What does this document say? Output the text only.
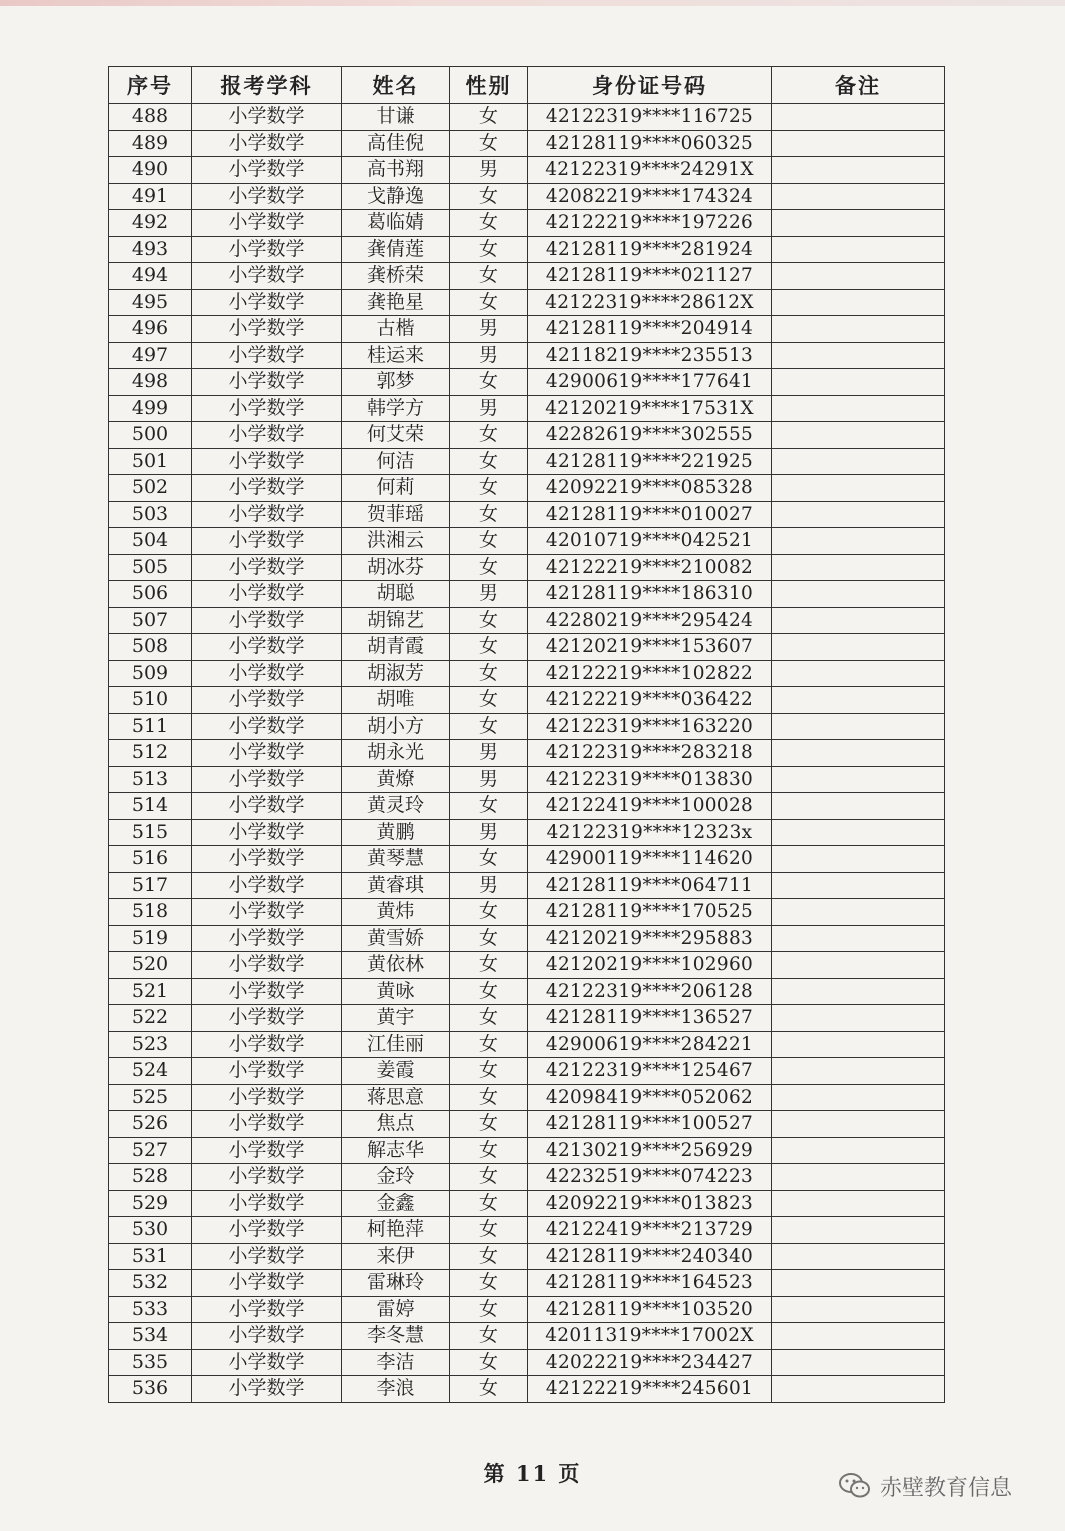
序号	报考学科	姓名	性别	身份证号码	备注
488	小学数学	甘谦	女	42122319****116725	
489	小学数学	高佳倪	女	42128119****060325	
490	小学数学	高书翔	男	42122319****24291X	
491	小学数学	戈静逸	女	42082219****174324	
492	小学数学	葛临婧	女	42122219****197226	
493	小学数学	龚倩莲	女	42128119****281924	
494	小学数学	龚桥荣	女	42128119****021127	
495	小学数学	龚艳星	女	42122319****28612X	
496	小学数学	古楷	男	42128119****204914	
497	小学数学	桂运来	男	42118219****235513	
498	小学数学	郭梦	女	42900619****177641	
499	小学数学	韩学方	男	42120219****17531X	
500	小学数学	何艾荣	女	42282619****302555	
501	小学数学	何洁	女	42128119****221925	
502	小学数学	何莉	女	42092219****085328	
503	小学数学	贺菲瑶	女	42128119****010027	
504	小学数学	洪湘云	女	42010719****042521	
505	小学数学	胡冰芬	女	42122219****210082	
506	小学数学	胡聪	男	42128119****186310	
507	小学数学	胡锦艺	女	42280219****295424	
508	小学数学	胡青霞	女	42120219****153607	
509	小学数学	胡淑芳	女	42122219****102822	
510	小学数学	胡唯	女	42122219****036422	
511	小学数学	胡小方	女	42122319****163220	
512	小学数学	胡永光	男	42122319****283218	
513	小学数学	黄燎	男	42122319****013830	
514	小学数学	黄灵玲	女	42122419****100028	
515	小学数学	黄鹏	男	42122319****12323x	
516	小学数学	黄琴慧	女	42900119****114620	
517	小学数学	黄睿琪	男	42128119****064711	
518	小学数学	黄炜	女	42128119****170525	
519	小学数学	黄雪娇	女	42120219****295883	
520	小学数学	黄依林	女	42120219****102960	
521	小学数学	黄咏	女	42122319****206128	
522	小学数学	黄宇	女	42128119****136527	
523	小学数学	江佳丽	女	42900619****284221	
524	小学数学	姜霞	女	42122319****125467	
525	小学数学	蒋思意	女	42098419****052062	
526	小学数学	焦点	女	42128119****100527	
527	小学数学	解志华	女	42130219****256929	
528	小学数学	金玲	女	42232519****074223	
529	小学数学	金鑫	女	42092219****013823	
530	小学数学	柯艳萍	女	42122419****213729	
531	小学数学	来伊	女	42128119****240340	
532	小学数学	雷琳玲	女	42128119****164523	
533	小学数学	雷婷	女	42128119****103520	
534	小学数学	李冬慧	女	42011319****17002X	
535	小学数学	李洁	女	42022219****234427	
536	小学数学	李浪	女	42122219****245601	
第 11 页
赤壁教育信息
